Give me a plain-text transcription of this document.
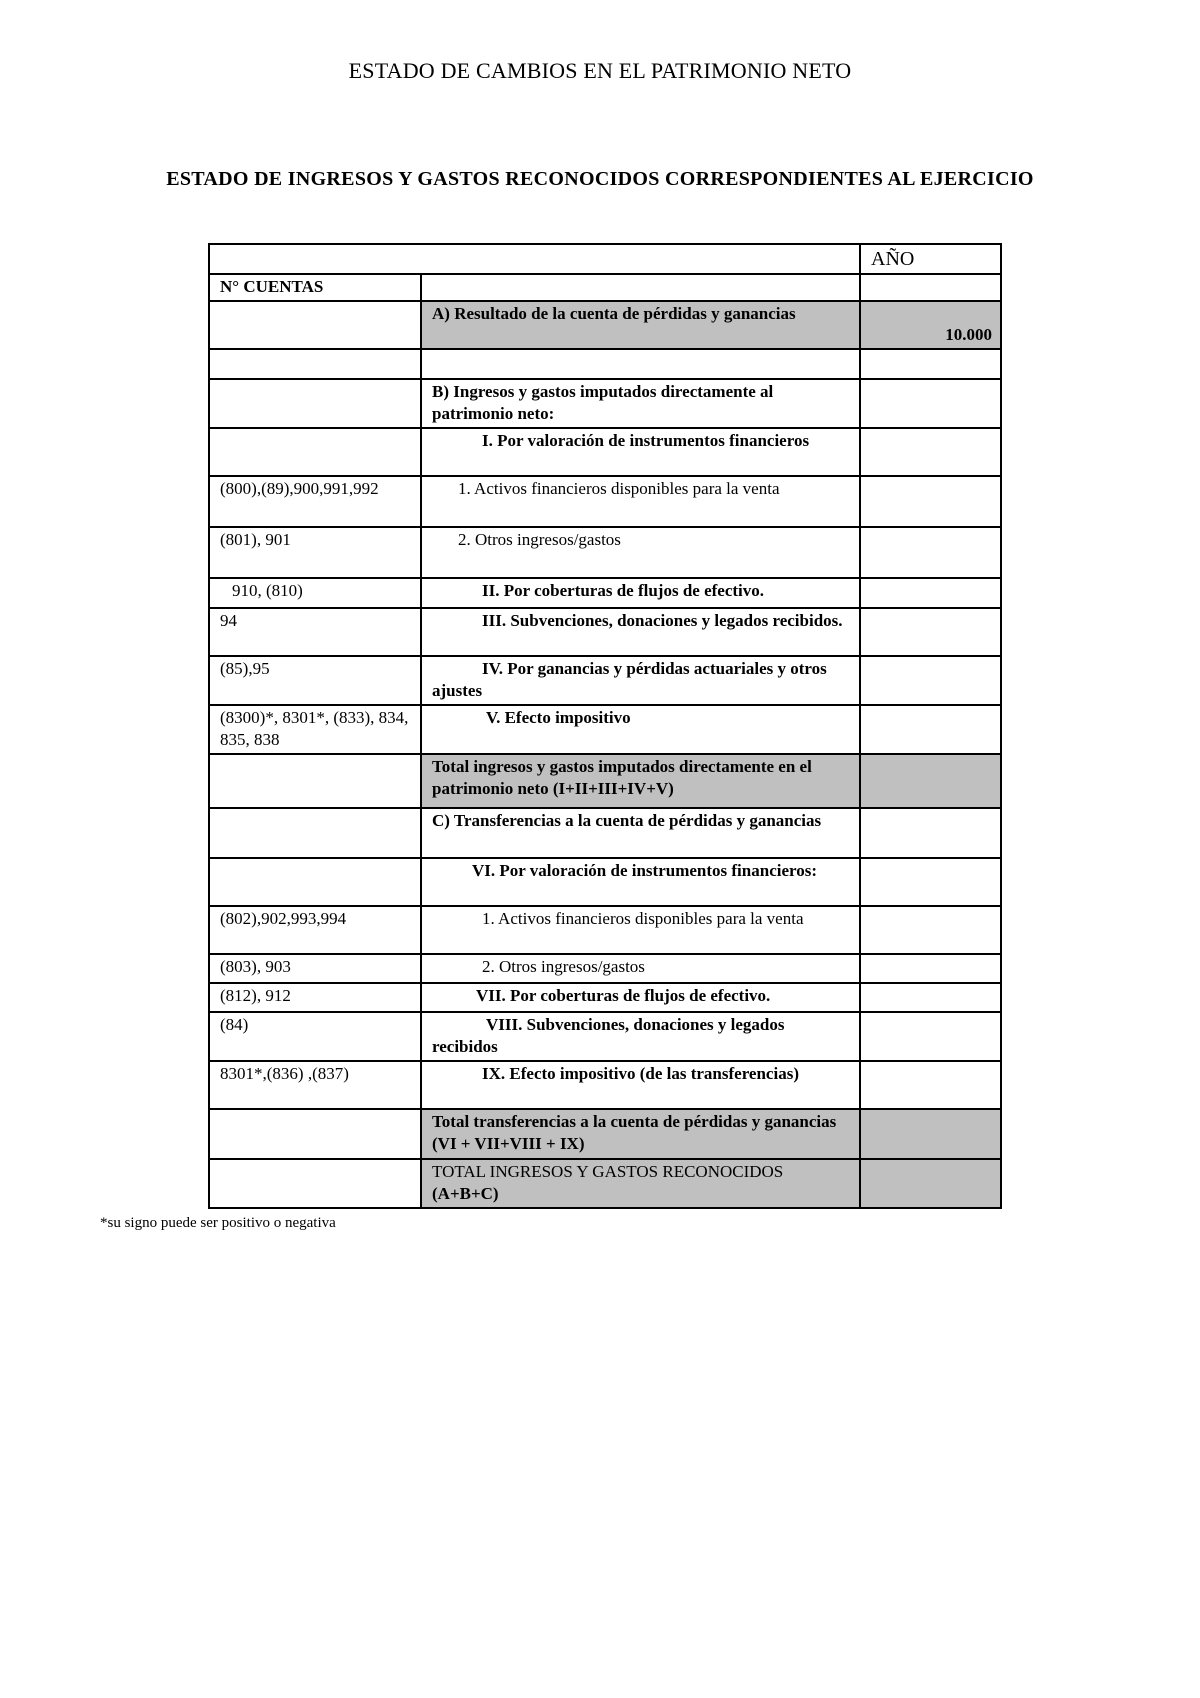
ESTADO DE CAMBIOS EN EL PATRIMONIO NETO
ESTADO DE INGRESOS Y GASTOS RECONOCIDOS CORRESPONDIENTES AL EJERCICIO
		AÑO
N° CUENTAS		
	A) Resultado de la cuenta de pérdidas y ganancias	10.000

	B) Ingresos y gastos imputados directamente al patrimonio neto:	

	I. Por valoración de instrumentos financieros	

(800),(89),900,991,992	1. Activos financieros disponibles para la venta	
(801), 901	2. Otros ingresos/gastos	
910, (810)	II. Por coberturas de flujos de efectivo.	
94	III. Subvenciones, donaciones y legados recibidos.	

(85),95	IV. Por ganancias y pérdidas actuariales y otros ajustes	

(8300)*, 8301*, (833), 834, 835, 838	V. Efecto impositivo	
	Total ingresos y gastos imputados directamente en el patrimonio neto (I+II+III+IV+V)	
	C) Transferencias a la cuenta de pérdidas y ganancias	

	VI. Por valoración de instrumentos financieros:	

(802),902,993,994	1. Activos financieros disponibles para la venta	

(803), 903	2. Otros ingresos/gastos	
(812), 912	VII. Por coberturas de flujos de efectivo.	
(84)	VIII. Subvenciones, donaciones y legados recibidos	

8301*,(836) ,(837)	IX. Efecto impositivo (de las transferencias)	

	Total transferencias a la cuenta de pérdidas y ganancias (VI + VII+VIII + IX)	
	TOTAL INGRESOS Y GASTOS RECONOCIDOS (A+B+C)	
*su signo puede ser positivo o negativa
